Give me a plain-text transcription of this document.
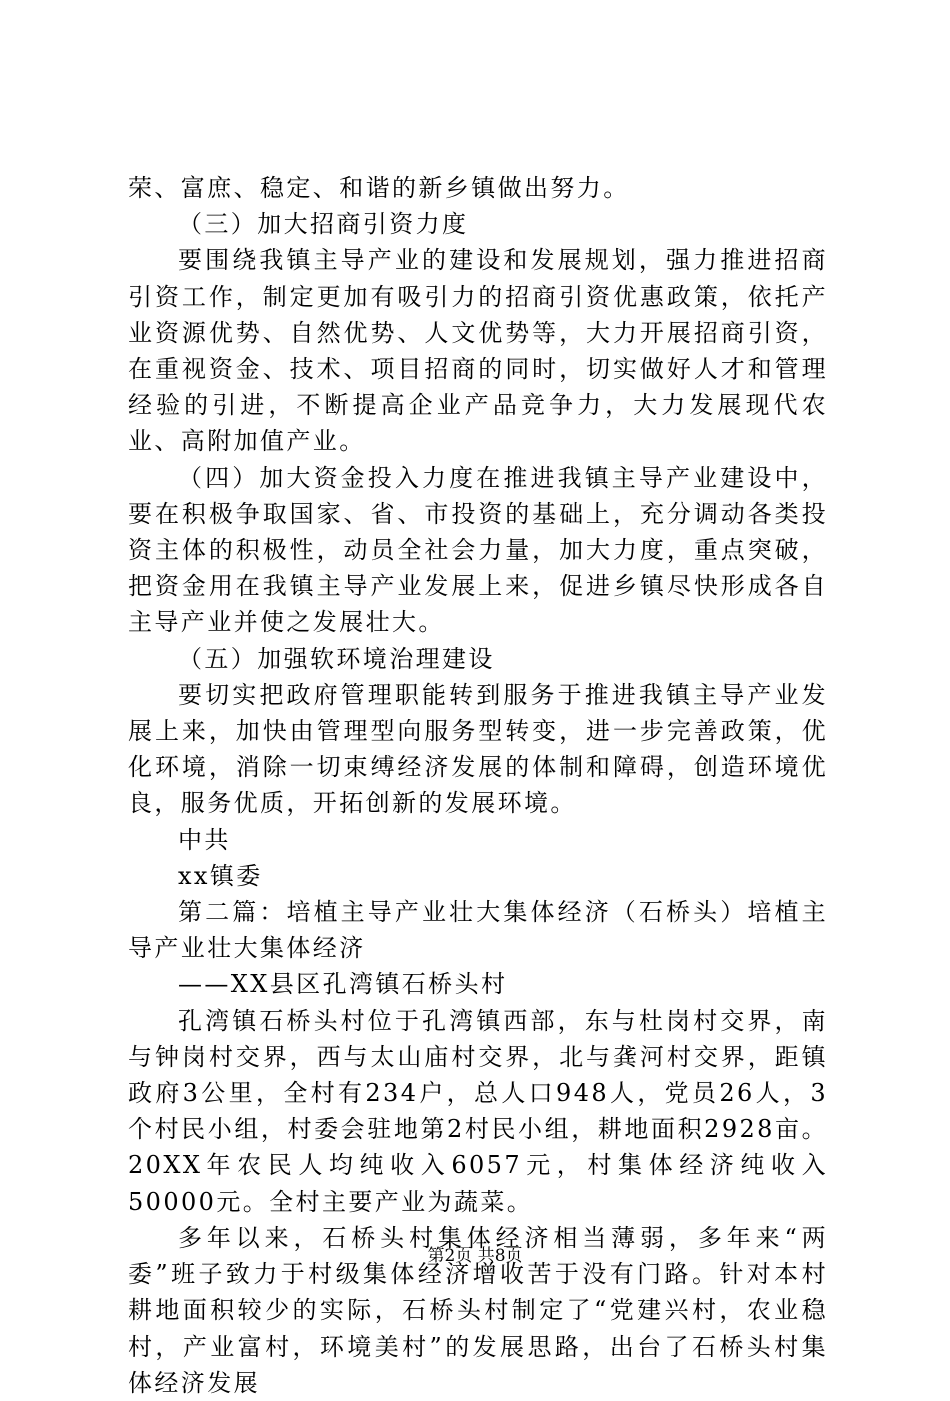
荣、富庶、稳定、和谐的新乡镇做出努力。

（三）加大招商引资力度

要围绕我镇主导产业的建设和发展规划，强力推进招商引资工作，制定更加有吸引力的招商引资优惠政策，依托产业资源优势、自然优势、人文优势等，大力开展招商引资，在重视资金、技术、项目招商的同时，切实做好人才和管理经验的引进，不断提高企业产品竞争力，大力发展现代农业、高附加值产业。

（四）加大资金投入力度在推进我镇主导产业建设中，要在积极争取国家、省、市投资的基础上，充分调动各类投资主体的积极性，动员全社会力量，加大力度，重点突破，把资金用在我镇主导产业发展上来，促进乡镇尽快形成各自主导产业并使之发展壮大。

（五）加强软环境治理建设

要切实把政府管理职能转到服务于推进我镇主导产业发展上来，加快由管理型向服务型转变，进一步完善政策，优化环境，消除一切束缚经济发展的体制和障碍，创造环境优良，服务优质，开拓创新的发展环境。

中共

xx镇委

第二篇：培植主导产业壮大集体经济（石桥头）培植主导产业壮大集体经济

——XX县区孔湾镇石桥头村

孔湾镇石桥头村位于孔湾镇西部，东与杜岗村交界，南与钟岗村交界，西与太山庙村交界，北与龚河村交界，距镇政府3公里，全村有234户，总人口948人，党员26人，3个村民小组，村委会驻地第2村民小组，耕地面积2928亩。20XX年农民人均纯收入6057元，村集体经济纯收入50000元。全村主要产业为蔬菜。

多年以来，石桥头村集体经济相当薄弱，多年来“两委”班子致力于村级集体经济增收苦于没有门路。针对本村耕地面积较少的实际，石桥头村制定了“党建兴村，农业稳村，产业富村，环境美村”的发展思路，出台了石桥头村集体经济发展

第2页 共8页
